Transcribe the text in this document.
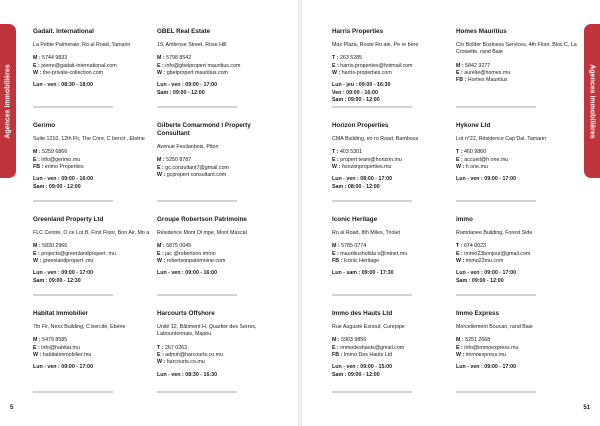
Agences immobilières
Gadait. International
La Petite Palmeraie, Ro al Road, Tamarin
M : 5744 9833
E : pierre@gadait-international.com
W : the-private-collection.com
Lun - ven : 08:30 - 18:00
GBEL Real Estate
19, Ambrose Street, Rose Hill
M : 5798 8542
E : info@gbelpropert mauritius.com
W : gbelpropert mauritius.com
Lun - ven : 09:00 - 17:00
Sam : 09:00 - 12:00
Gerimo
Suite 1210, 12th Flr, The Core, C bercit , Ebène
M : 5259 6866
E : info@gerimo.mu
FB : erimo Properties
Lun - ven : 09:00 - 16:00
Sam : 09:00 - 12:00
Gilberte Comarmond l Property Consultant
Avenue Feuilanbois, Piton
M : 5250 8787
E : gc.consultant7@gmail.com
W : gcpropert consultant.com
Greenland Property Ltd
FLC Centre, O ce Lot B, First Floor, Bon Air, Mo a
M : 5830 2966
E : projects@greenlandpropert .mu
W : greenlandpropert .mu
Lun - ven : 09:00 - 17:00
Sam : 09:00 - 12:30
Groupe Robertson Patrimoine
Résidence Mont Ol mpe, Mont Mascal
M : 5875 0045
E : jac @robertson.immo
W : robertsonpatrimoine.com
Lun - ven : 09:00 - 16:00
Habitat Immobilier
7th Flr, Nexs Building, C bercité, Ebène
M : 5479 8585
E : info@habitat.mu
W : habitatimmobilier.mu
Lun - ven : 09:00 - 17:00
Harcourts Offshore
Unité 12, Bâtiment H, Quartier des Serres, Labourdonnais, Mapou
T : 267 0263
E : admin@harcourts.co.mu
W : harcourts.co.mu
Lun - ven : 08:30 - 16:30
5
Agences immobilières
Harris Properties
Max Plaza, Route Ro ale, Pe re bère
T : 263 5285
E : harris.properties@hotmail.com
W : harris-properties.com
Lun - jeu : 09:00 - 16:30
Ven : 09:00 - 16:00
Sam : 09:00 - 12:00
Homes Mauritius
C/o Bolder Business Services, 4th Floor, Bloc C, La Croisette, rand Baie
M : 5842 3277
E : aurelie@homes.mu
FB : Homes Mauritius
Horizon Properties
CMA Building, eo ro Road, Bambous
T : 403 5301
E : propert team@horizon.mu
W : horizonproperties.mu
Lun - ven : 08:00 - 17:00
Sam : 08:00 - 12:00
Hykone Ltd
Lot n°22, Résidence Cap Dal, Tamarin
T : 460 9860
E : accueil@h one.mu
W : h one.mu
Lun - ven : 09:00 - 17:00
Iconic Heritage
Ro al Road, 8th Miles, Triolet
M : 5785 0774
E : mauritiusholida s@intnet.mu
FB : Iconic Heritage
Lun - sam : 09:00 - 17:30
immo
Ramdanee Building, Forest Side
T : 674 0023
E : immo23bonjour@gmail.com
W : immo23mu.com
Lun - ven : 09:00 - 17:00
Sam : 09:00 - 12:00
Immo des Hauts Ltd
Rue Auguste Esnouf, Curepipe
M : 5903 9856
E : immodeshauts@gmail.com
FB : Immo Des Hauts Ltd
Lun - ven : 09:00 - 15:00
Sam : 09:00 - 12:00
Immo Express
Morcellement Boucan, rand Baie
M : 5251 2668
E : info@immoexpress.mu
W : immoexpress.mu
Lun - ven : 09:00 - 17:00
51
